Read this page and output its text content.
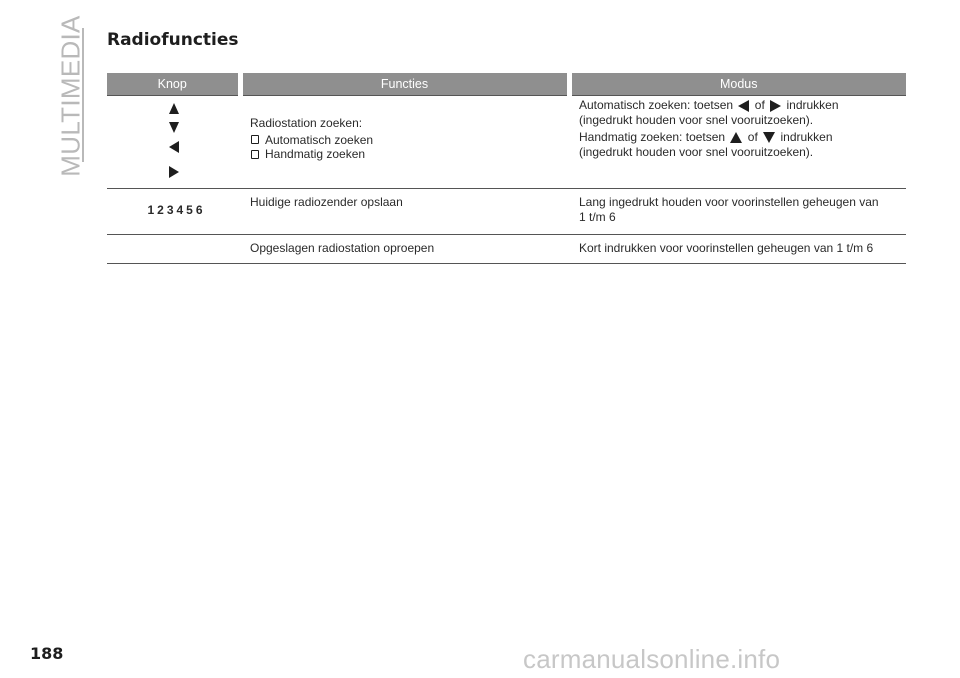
MULTIMEDIA Radiofuncties
Knop	Functies	Modus

	Radiostation zoeken:
Automatisch zoeken
Handmatig zoeken	Automatisch zoeken: toetsen of indrukken
(ingedrukt houden voor snel vooruitzoeken).
Handmatig zoeken: toetsen of indrukken
(ingedrukt houden voor snel vooruitzoeken).

123456	Huidige radiozender opslaan	Lang ingedrukt houden voor voorinstellen geheugen van
1 t/m 6

	Opgeslagen radiostation oproepen	Kort indrukken voor voorinstellen geheugen van 1 t/m 6
188	carmanualsonline.info
